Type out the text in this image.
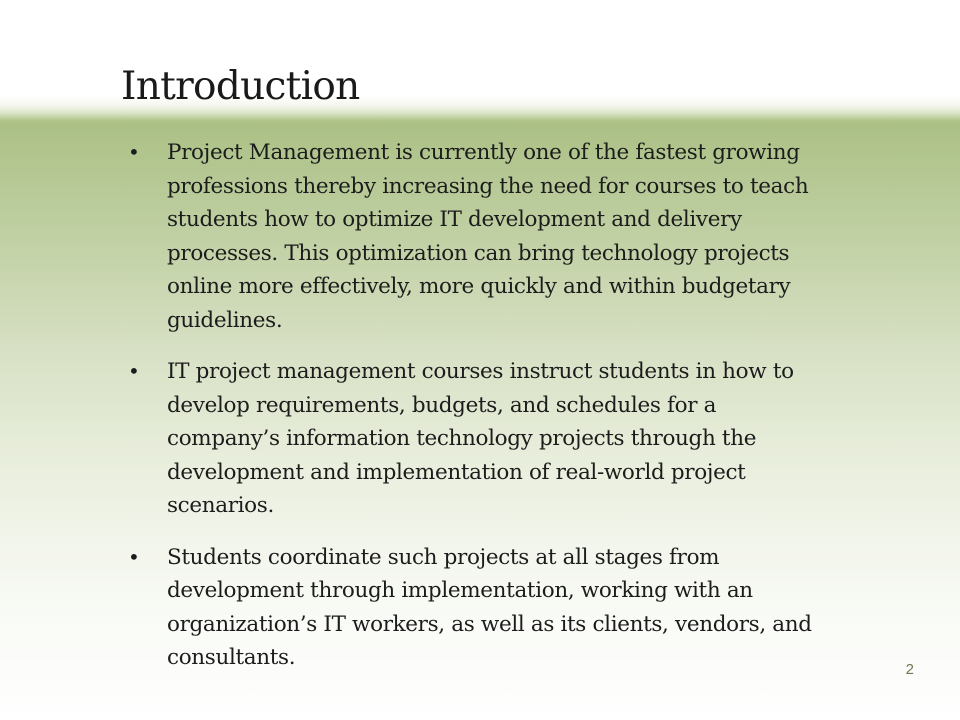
Introduction
• Project Management is currently one of the fastest growing professions thereby increasing the need for courses to teach students how to optimize IT development and delivery processes. This optimization can bring technology projects online more effectively, more quickly and within budgetary guidelines.
• IT project management courses instruct students in how to develop requirements, budgets, and schedules for a company’s information technology projects through the development and implementation of real-world project scenarios.
• Students coordinate such projects at all stages from development through implementation, working with an organization’s IT workers, as well as its clients, vendors, and consultants.	2
